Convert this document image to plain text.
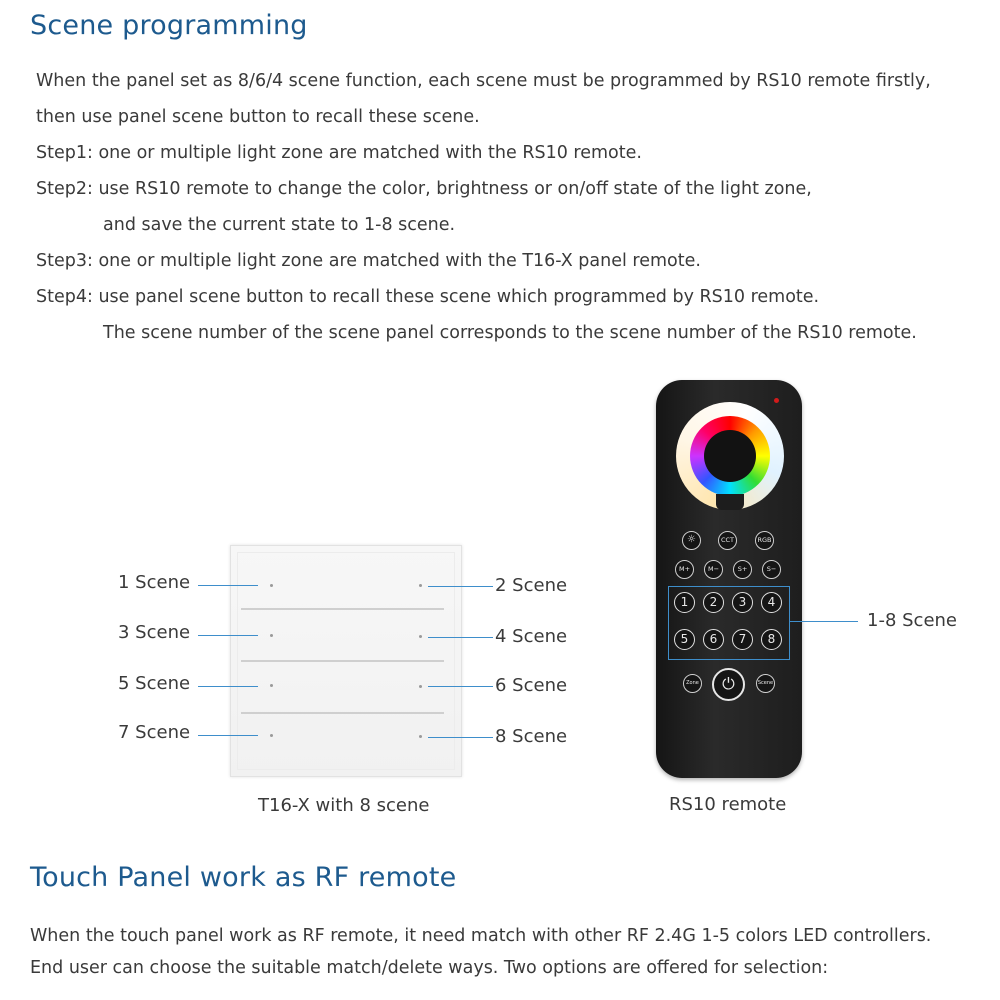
Scene programming
When the panel set as 8/6/4 scene function, each scene must be programmed by RS10 remote firstly,
then use panel scene button to recall these scene.
Step1: one or multiple light zone are matched with the RS10 remote.
Step2: use RS10 remote to change the color, brightness or on/off state of the light zone,
and save the current state to 1-8 scene.
Step3: one or multiple light zone are matched with the T16-X panel remote.
Step4: use panel scene button to recall these scene which programmed by RS10 remote.
The scene number of the scene panel corresponds to the scene number of the RS10 remote.
1 Scene
3 Scene
5 Scene
7 Scene
2 Scene
4 Scene
6 Scene
8 Scene
T16-X with 8 scene
☼	CCT	RGB
M+	M−	S+	S−
1	2	3	4
5	6	7	8
Zone	⏻	Scene
1-8 Scene
RS10 remote
Touch Panel work as RF remote
When the touch panel work as RF remote, it need match with other RF 2.4G 1-5 colors LED controllers.
End user can choose the suitable match/delete ways. Two options are offered for selection:
